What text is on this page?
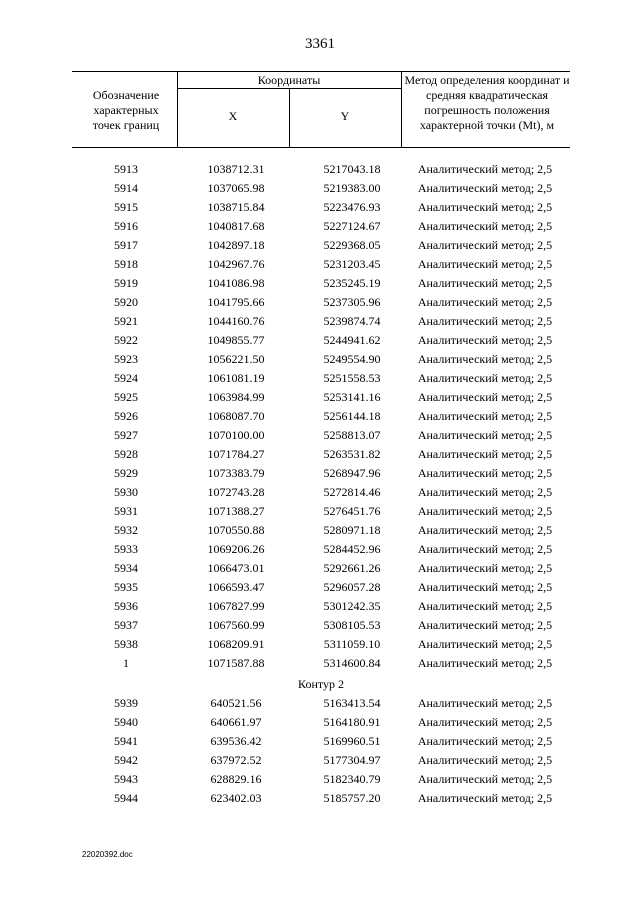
3361
Обозначение характерных точек границ
Координаты
X	Y
Метод определения координат и средняя квадратическая погрешность положения характерной точки (Mt), м
5913	1038712.31	5217043.18	Аналитический метод; 2,5
5914	1037065.98	5219383.00	Аналитический метод; 2,5
5915	1038715.84	5223476.93	Аналитический метод; 2,5
5916	1040817.68	5227124.67	Аналитический метод; 2,5
5917	1042897.18	5229368.05	Аналитический метод; 2,5
5918	1042967.76	5231203.45	Аналитический метод; 2,5
5919	1041086.98	5235245.19	Аналитический метод; 2,5
5920	1041795.66	5237305.96	Аналитический метод; 2,5
5921	1044160.76	5239874.74	Аналитический метод; 2,5
5922	1049855.77	5244941.62	Аналитический метод; 2,5
5923	1056221.50	5249554.90	Аналитический метод; 2,5
5924	1061081.19	5251558.53	Аналитический метод; 2,5
5925	1063984.99	5253141.16	Аналитический метод; 2,5
5926	1068087.70	5256144.18	Аналитический метод; 2,5
5927	1070100.00	5258813.07	Аналитический метод; 2,5
5928	1071784.27	5263531.82	Аналитический метод; 2,5
5929	1073383.79	5268947.96	Аналитический метод; 2,5
5930	1072743.28	5272814.46	Аналитический метод; 2,5
5931	1071388.27	5276451.76	Аналитический метод; 2,5
5932	1070550.88	5280971.18	Аналитический метод; 2,5
5933	1069206.26	5284452.96	Аналитический метод; 2,5
5934	1066473.01	5292661.26	Аналитический метод; 2,5
5935	1066593.47	5296057.28	Аналитический метод; 2,5
5936	1067827.99	5301242.35	Аналитический метод; 2,5
5937	1067560.99	5308105.53	Аналитический метод; 2,5
5938	1068209.91	5311059.10	Аналитический метод; 2,5
1	1071587.88	5314600.84	Аналитический метод; 2,5
Контур 2
5939	640521.56	5163413.54	Аналитический метод; 2,5
5940	640661.97	5164180.91	Аналитический метод; 2,5
5941	639536.42	5169960.51	Аналитический метод; 2,5
5942	637972.52	5177304.97	Аналитический метод; 2,5
5943	628829.16	5182340.79	Аналитический метод; 2,5
5944	623402.03	5185757.20	Аналитический метод; 2,5
22020392.doc
